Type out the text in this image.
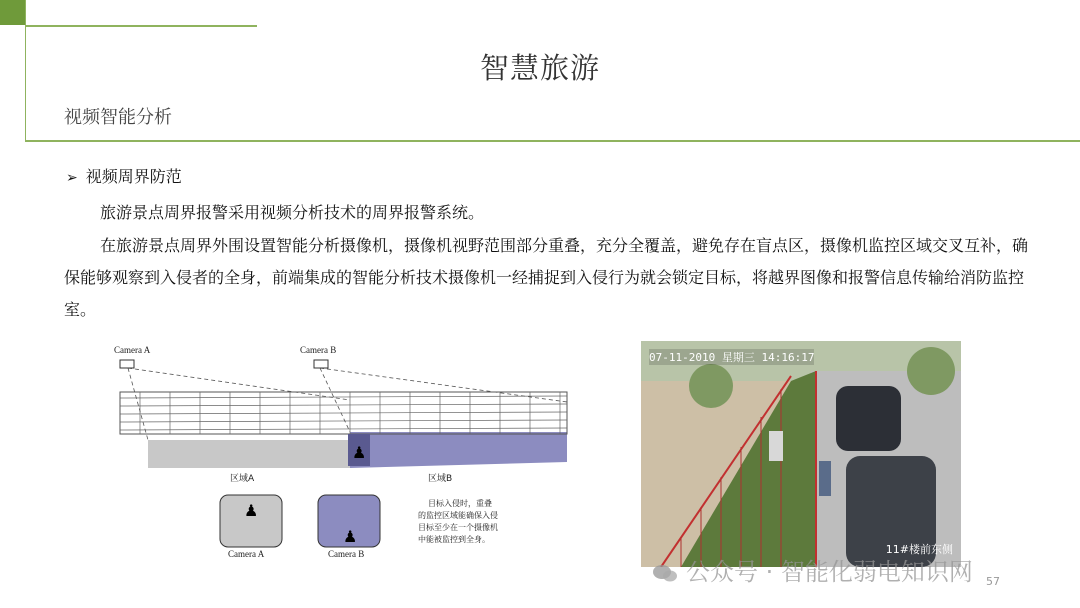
智慧旅游
视频智能分析
➢ 视频周界防范
旅游景点周界报警采用视频分析技术的周界报警系统。
在旅游景点周界外围设置智能分析摄像机，摄像机视野范围部分重叠，充分全覆盖，避免存在盲点区，摄像机监控区域交叉互补，确保能够观察到入侵者的全身，前端集成的智能分析技术摄像机一经捕捉到入侵行为就会锁定目标，将越界图像和报警信息传输给消防监控室。
Camera A	Camera B
♟
区域A	区域B
♟
Camera A
♟
Camera B
目标入侵时，重叠
的监控区域能确保入侵
目标至少在一个摄像机
中能被监控到全身。
07-11-2010 星期三 14:16:17
11#楼前东侧
公众号 · 智能化弱电知识网 57
